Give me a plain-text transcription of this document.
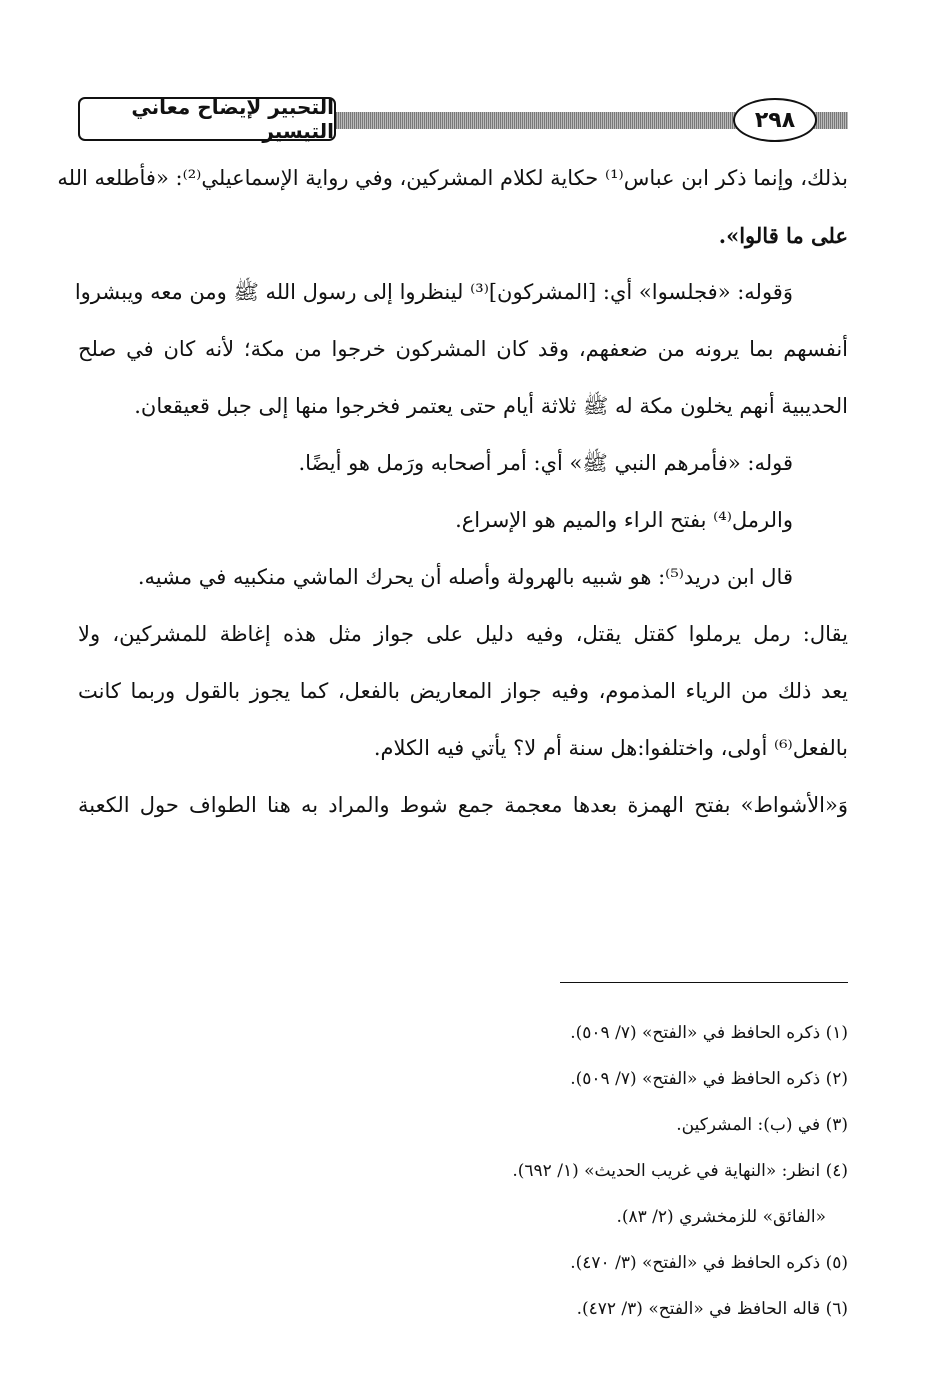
التحبير لإيضاح معاني التيسير	٢٩٨
بذلك، وإنما ذكر ابن عباس⁽¹⁾ حكاية لكلام المشركين، وفي رواية الإسماعيلي⁽²⁾: «فأطلعه الله
على ما قالوا».
وَقوله: «فجلسوا» أي: [المشركون]⁽³⁾ لينظروا إلى رسول الله ﷺ ومن معه ويبشروا
أنفسهم بما يرونه من ضعفهم، وقد كان المشركون خرجوا من مكة؛ لأنه كان في صلح
الحديبية أنهم يخلون مكة له ﷺ ثلاثة أيام حتى يعتمر فخرجوا منها إلى جبل قعيقعان.
قوله: «فأمرهم النبي ﷺ» أي: أمر أصحابه ورَمل هو أيضًا.
والرمل⁽⁴⁾ بفتح الراء والميم هو الإسراع.
قال ابن دريد⁽⁵⁾: هو شبيه بالهرولة وأصله أن يحرك الماشي منكبيه في مشيه.
يقال: رمل يرملوا كقتل يقتل، وفيه دليل على جواز مثل هذه إغاظة للمشركين، ولا
يعد ذلك من الرياء المذموم، وفيه جواز المعاريض بالفعل، كما يجوز بالقول وربما كانت
بالفعل⁽⁶⁾ أولى، واختلفوا:هل سنة أم لا؟ يأتي فيه الكلام.
وَ«الأشواط» بفتح الهمزة بعدها معجمة جمع شوط والمراد به هنا الطواف حول الكعبة
(١) ذكره الحافظ في «الفتح» (٧/ ٥٠٩).
(٢) ذكره الحافظ في «الفتح» (٧/ ٥٠٩).
(٣) في (ب): المشركين.
(٤) انظر: «النهاية في غريب الحديث» (١/ ٦٩٢).
«الفائق» للزمخشري (٢/ ٨٣).
(٥) ذكره الحافظ في «الفتح» (٣/ ٤٧٠).
(٦) قاله الحافظ في «الفتح» (٣/ ٤٧٢).
